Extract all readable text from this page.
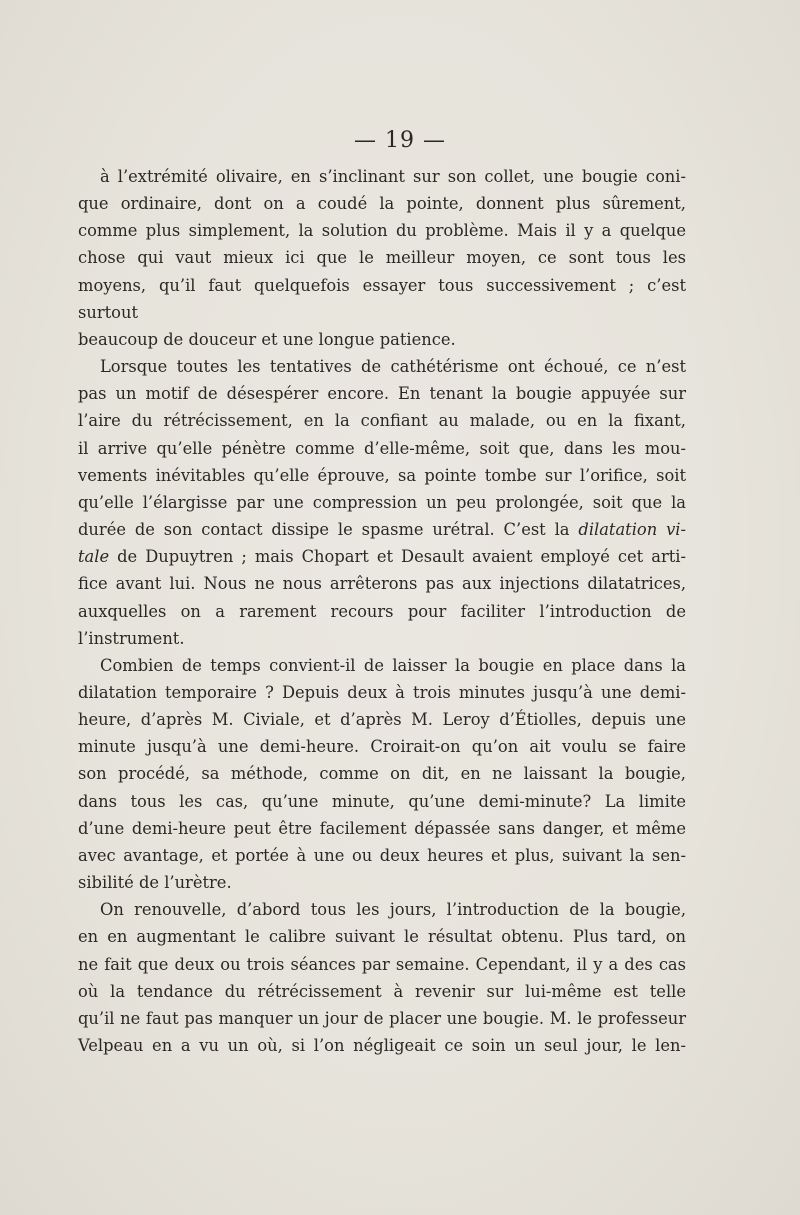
— 19 —

à l’extrémité olivaire, en s’inclinant sur son collet, une bougie coni-

que ordinaire, dont on a coudé la pointe, donnent plus sûrement,

comme plus simplement, la solution du problème. Mais il y a quelque

chose qui vaut mieux ici que le meilleur moyen, ce sont tous les

moyens, qu’il faut quelquefois essayer tous successivement ; c’est surtout

beaucoup de douceur et une longue patience.

Lorsque toutes les tentatives de cathétérisme ont échoué, ce n’est

pas un motif de désespérer encore. En tenant la bougie appuyée sur

l’aire du rétrécissement, en la confiant au malade, ou en la fixant,

il arrive qu’elle pénètre comme d’elle-même, soit que, dans les mou-

vements inévitables qu’elle éprouve, sa pointe tombe sur l’orifice, soit

qu’elle l’élargisse par une compression un peu prolongée, soit que la

durée de son contact dissipe le spasme urétral. C’est la dilatation vi-

tale de Dupuytren ; mais Chopart et Desault avaient employé cet arti-

fice avant lui. Nous ne nous arrêterons pas aux injections dilatatrices,

auxquelles on a rarement recours pour faciliter l’introduction de

l’instrument.

Combien de temps convient-il de laisser la bougie en place dans la

dilatation temporaire ? Depuis deux à trois minutes jusqu’à une demi-

heure, d’après M. Civiale, et d’après M. Leroy d’Étiolles, depuis une

minute jusqu’à une demi-heure. Croirait-on qu’on ait voulu se faire

son procédé, sa méthode, comme on dit, en ne laissant la bougie,

dans tous les cas, qu’une minute, qu’une demi-minute? La limite

d’une demi-heure peut être facilement dépassée sans danger, et même

avec avantage, et portée à une ou deux heures et plus, suivant la sen-

sibilité de l’urètre.

On renouvelle, d’abord tous les jours, l’introduction de la bougie,

en en augmentant le calibre suivant le résultat obtenu. Plus tard, on

ne fait que deux ou trois séances par semaine. Cependant, il y a des cas

où la tendance du rétrécissement à revenir sur lui-même est telle

qu’il ne faut pas manquer un jour de placer une bougie. M. le professeur

Velpeau en a vu un où, si l’on négligeait ce soin un seul jour, le len-
